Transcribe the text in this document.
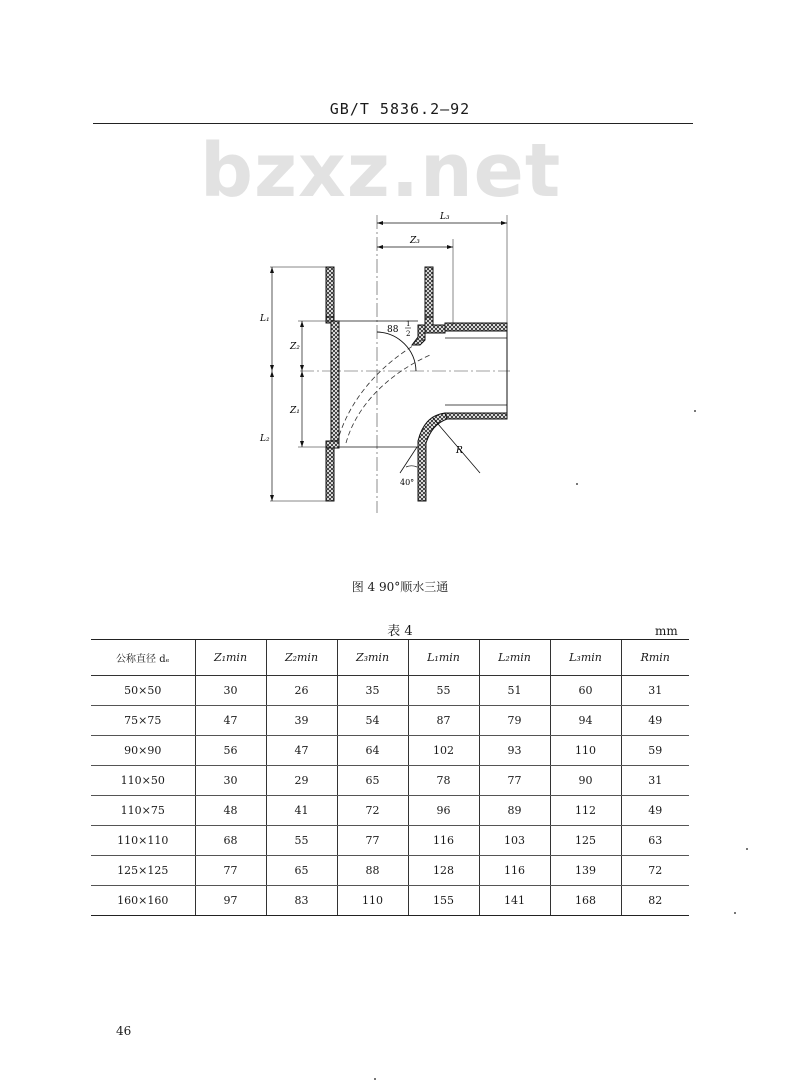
GB/T 5836.2—92
bzxz.net
88
1
2
R
40°
L₃
Z₃
L₁
L₂
Z₂
Z₁
图 4 90°顺水三通
表 4	mm
公称直径 dₑ	Z₁min	Z₂min	Z₃min	L₁min	L₂min	L₃min	Rmin
50×50	30	26	35	55	51	60	31
75×75	47	39	54	87	79	94	49
90×90	56	47	64	102	93	110	59
110×50	30	29	65	78	77	90	31
110×75	48	41	72	96	89	112	49
110×110	68	55	77	116	103	125	63
125×125	77	65	88	128	116	139	72
160×160	97	83	110	155	141	168	82
46
